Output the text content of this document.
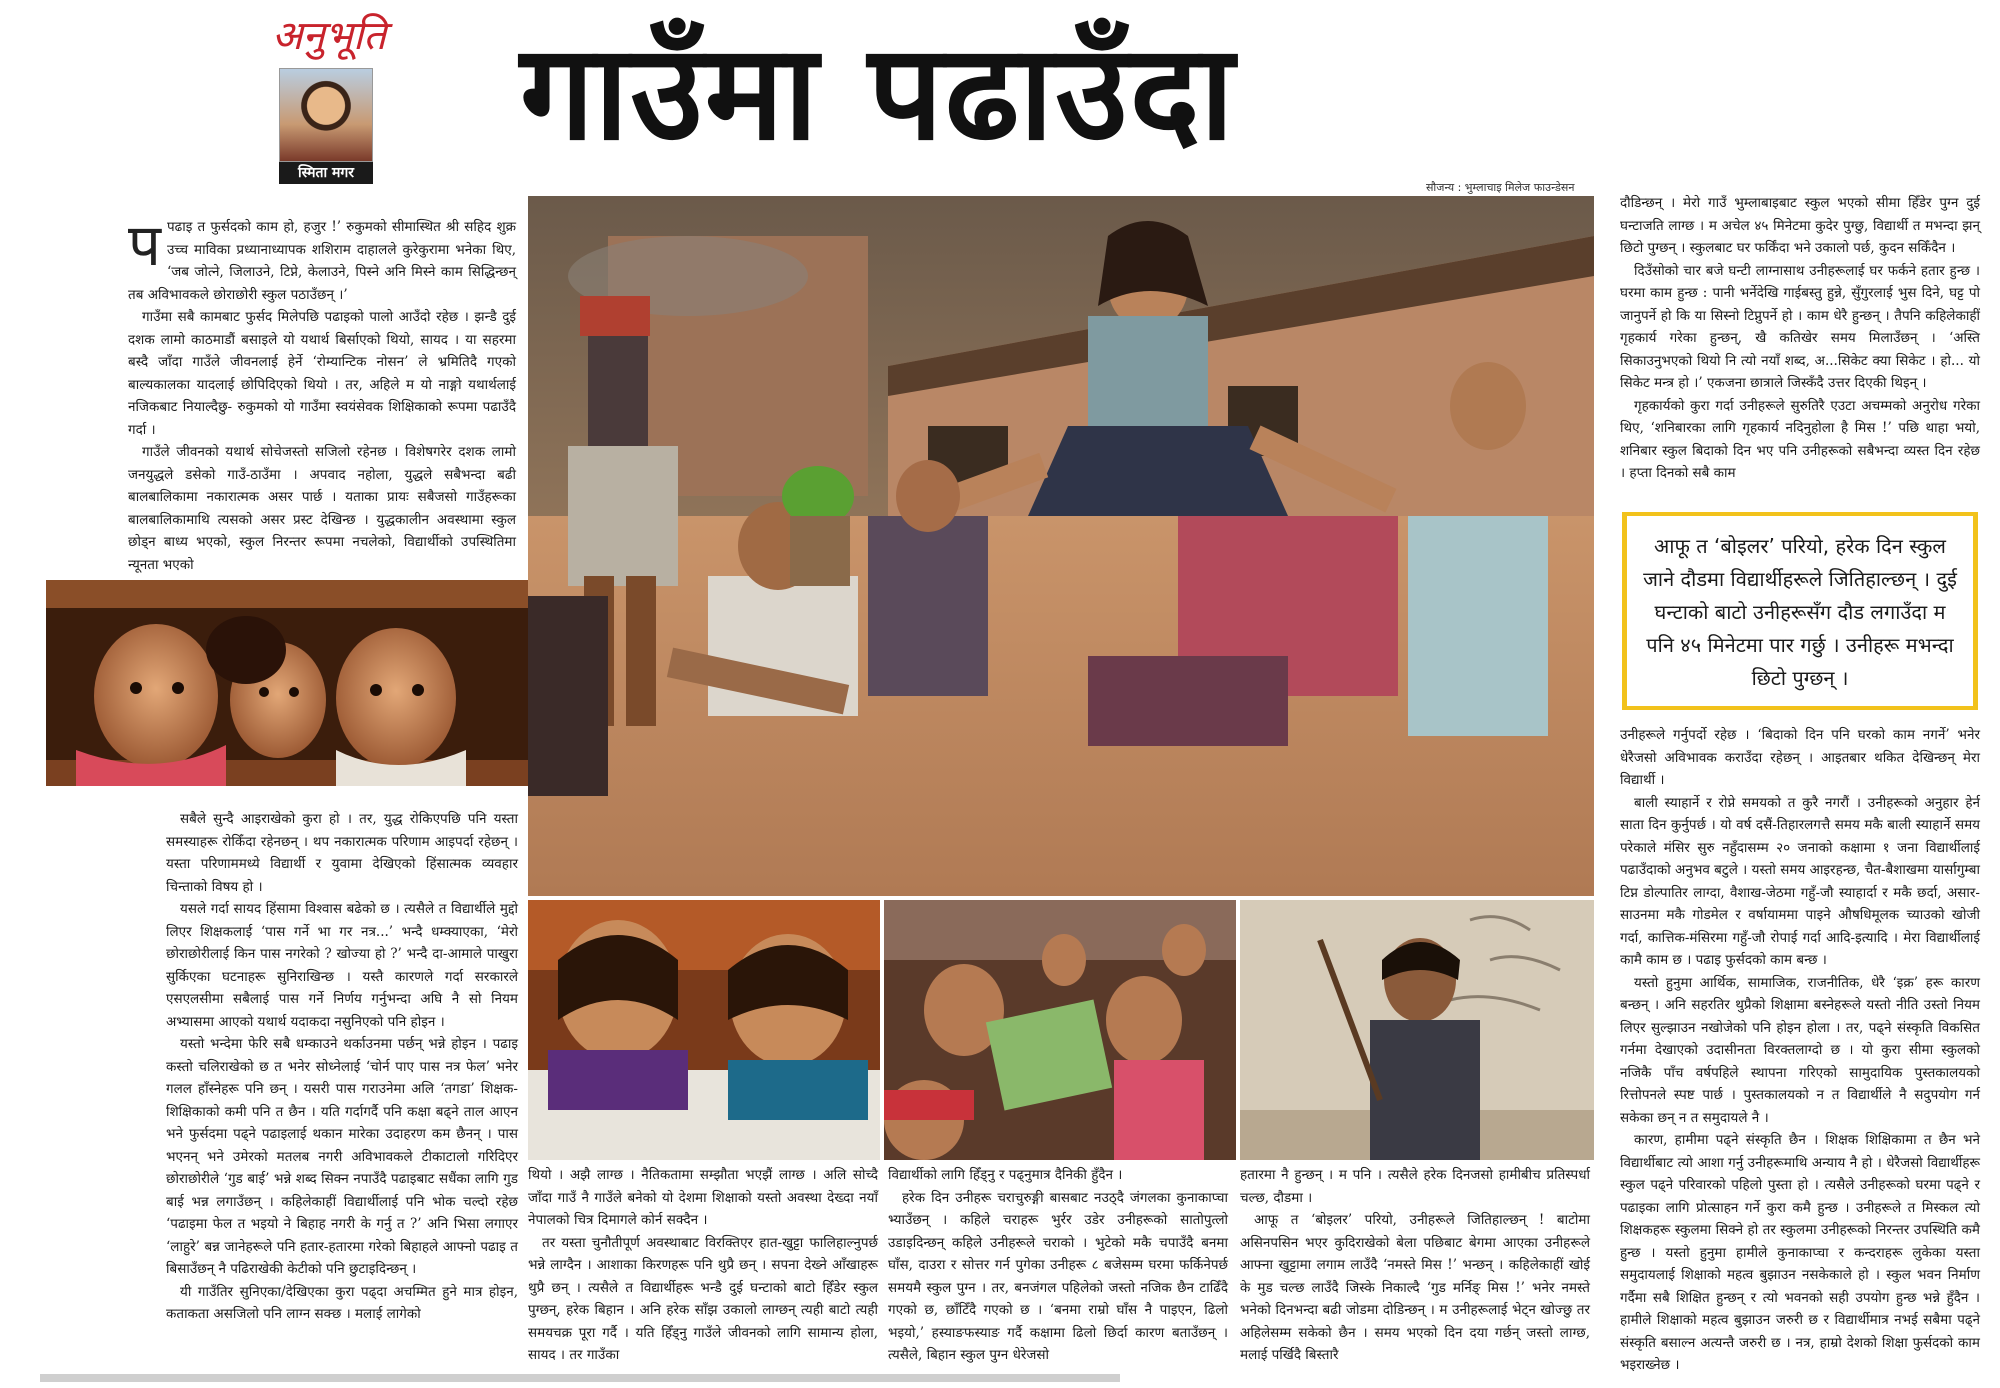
अनुभूति
स्मिता मगर
गाउँमा पढाउँदा
सौजन्य : भुम्लाचाइ मिलेज फाउन्डेसन
प पढाइ त फुर्सदको काम हो, हजुर !’ रुकुमको सीमास्थित श्री सहिद शुक्र उच्च माविका प्रध्यानाध्यापक शशिराम दाहालले कुरेकुरामा भनेका थिए, ‘जब जोत्ने, जिलाउने, टिप्ने, केलाउने, पिस्ने अनि मिस्ने काम सिद्धिन्छन् तब अविभावकले छोराछोरी स्कुल पठाउँछन् ।’

गाउँमा सबै कामबाट फुर्सद मिलेपछि पढाइको पालो आउँदो रहेछ । झन्डै दुई दशक लामो काठमाडौं बसाइले यो यथार्थ बिर्साएको थियो, सायद । या सहरमा बस्दै जाँदा गाउँले जीवनलाई हेर्ने ‘रोम्यान्टिक नोसन’ ले भ्रमितिदै गएको बाल्यकालका यादलाई छोपिदिएको थियो । तर, अहिले म यो नाङ्गो यथार्थलाई नजिकबाट नियाल्दैछु- रुकुमको यो गाउँमा स्वयंसेवक शिक्षिकाको रूपमा पढाउँदै गर्दा ।

गाउँले जीवनको यथार्थ सोचेजस्तो सजिलो रहेनछ । विशेषगरेर दशक लामो जनयुद्धले डसेको गाउँ-ठाउँमा । अपवाद नहोला, युद्धले सबैभन्दा बढी बालबालिकामा नकारात्मक असर पार्छ । यताका प्रायः सबैजसो गाउँहरूका बालबालिकामाथि त्यसको असर प्रस्ट देखिन्छ । युद्धकालीन अवस्थामा स्कुल छोड्न बाध्य भएको, स्कुल निरन्तर रूपमा नचलेको, विद्यार्थीको उपस्थितिमा न्यूनता भएको

सबैले सुन्दै आइराखेको कुरा हो । तर, युद्ध रोकिएपछि पनि यस्ता समस्याहरू रोकिँदा रहेनछन् । थप नकारात्मक परिणाम आइपर्दा रहेछन् । यस्ता परिणाममध्ये विद्यार्थी र युवामा देखिएको हिंसात्मक व्यवहार चिन्ताको विषय हो ।

यसले गर्दा सायद हिंसामा विश्वास बढेको छ । त्यसैले त विद्यार्थीले मुद्दो लिएर शिक्षकलाई ‘पास गर्ने भा गर नत्र...’ भन्दै धम्क्याएका, ‘मेरो छोराछोरीलाई किन पास नगरेको ? खोज्या हो ?’ भन्दै दा-आमाले पाखुरा सुर्किएका घटनाहरू सुनिराखिन्छ । यस्तै कारणले गर्दा सरकारले एसएलसीमा सबैलाई पास गर्ने निर्णय गर्नुभन्दा अघि नै सो नियम अभ्यासमा आएको यथार्थ यदाकदा नसुनिएको पनि होइन ।

यस्तो भन्देमा फेरि सबै धम्काउने थर्काउनमा पर्छन् भन्ने होइन । पढाइ कस्तो चलिराखेको छ त भनेर सोध्नेलाई ‘चोर्न पाए पास नत्र फेल’ भनेर गलल हाँस्नेहरू पनि छन् । यसरी पास गराउनेमा अलि ‘तगडा’ शिक्षक-शिक्षिकाको कमी पनि त छैन । यति गर्दागर्दै पनि कक्षा बढ्ने ताल आएन भने फुर्सदमा पढ्ने पढाइलाई थकान मारेका उदाहरण कम छैनन् । पास भएनन् भने उमेरको मतलब नगरी अविभावकले टीकाटालो गरिदिएर छोराछोरीले ‘गुड बाई’ भन्ने शब्द सिक्न नपाउँदै पढाइबाट सधैंका लागि गुड बाई भन्न लगाउँछन् । कहिलेकाहीं विद्यार्थीलाई पनि भोक चल्दो रहेछ ‘पढाइमा फेल त भइयो ने बिहाह नगरी के गर्नु त ?’ अनि भिसा लगाएर ‘लाहुरे’ बन्न जानेहरूले पनि हतार-हतारमा गरेको बिहाहले आफ्नो पढाइ त बिसाउँछन् नै पढिराखेकी केटीको पनि छुटाइदिन्छन् ।

यी गाउँतिर सुनिएका/देखिएका कुरा पढ्दा अचम्मित हुने मात्र होइन, कताकता असजिलो पनि लाग्न सक्छ । मलाई लागेको

थियो । अझै लाग्छ । नैतिकतामा सम्झौता भएझैं लाग्छ । अलि सोच्दै जाँदा गाउँ नै गाउँले बनेको यो देशमा शिक्षाको यस्तो अवस्था देख्दा नयाँ नेपालको चित्र दिमागले कोर्न सक्दैन ।

तर यस्ता चुनौतीपूर्ण अवस्थाबाट विरक्तिएर हात-खुट्टा फालिहाल्नुपर्छ भन्ने लाग्दैन । आशाका किरणहरू पनि थुप्रै छन् । सपना देख्ने आँखाहरू थुप्रै छन् । त्यसैले त विद्यार्थीहरू भन्डै दुई घन्टाको बाटो हिँडेर स्कुल पुग्छन्, हरेक बिहान । अनि हरेक साँझ उकालो लाग्छन् त्यही बाटो त्यही समयचक्र पूरा गर्दै । यति हिँड्नु गाउँले जीवनको लागि सामान्य होला, सायद । तर गाउँका

विद्यार्थीको लागि हिँड्नु र पढ्नुमात्र दैनिकी हुँदैन ।

हरेक दिन उनीहरू चराचुरुङ्गी बासबाट नउठ्दै जंगलका कुनाकाप्चा भ्याउँछन् । कहिले चराहरू भुर्रर उडेर उनीहरूको सातोपुत्लो उडाइदिन्छन् कहिले उनीहरूले चराको । भुटेको मकै चपाउँदै बनमा घाँस, दाउरा र सोत्तर गर्न पुगेका उनीहरू ८ बजेसम्म घरमा फर्किनेपर्छ समयमै स्कुल पुग्न । तर, बनजंगल पहिलेको जस्तो नजिक छैन टाढिँदै गएको छ, छाँटिँदै गएको छ । ‘बनमा राम्रो घाँस नै पाइएन, ढिलो भइयो,’ हस्याङफस्याङ गर्दै कक्षामा ढिलो छिर्दा कारण बताउँछन् । त्यसैले, बिहान स्कुल पुग्न धेरेजसो

हतारमा नै हुन्छन् । म पनि । त्यसैले हरेक दिनजसो हामीबीच प्रतिस्पर्धा चल्छ, दौडमा ।

आफू त ‘बोइलर’ परियो, उनीहरूले जितिहाल्छन् ! बाटोमा असिनपसिन भएर कुदिराखेको बेला पछिबाट बेगमा आएका उनीहरूले आफ्ना खुट्टामा लगाम लाउँदै ‘नमस्ते मिस !’ भन्छन् । कहिलेकाहीं खोई के मुड चल्छ लाउँदै जिस्के निकाल्दै ‘गुड मर्निङ् मिस !’ भनेर नमस्ते भनेको दिनभन्दा बढी जोडमा दोडिन्छन् । म उनीहरूलाई भेट्न खोज्छु तर अहिलेसम्म सकेको छैन । समय भएको दिन दया गर्छन् जस्तो लाग्छ, मलाई पर्खिदै बिस्तारै

दौडिन्छन् । मेरो गाउँ भुम्लाबाइबाट स्कुल भएको सीमा हिँडेर पुग्न दुई घन्टाजति लाग्छ । म अचेल ४५ मिनेटमा कुदेर पुग्छु, विद्यार्थी त मभन्दा झन् छिटो पुग्छन् । स्कुलबाट घर फर्किंदा भने उकालो पर्छ, कुदन सकिँदैन ।

दिउँसोको चार बजे घन्टी लाग्नासाथ उनीहरूलाई घर फर्कने हतार हुन्छ । घरमा काम हुन्छ : पानी भर्नेदेखि गाईबस्तु हुन्ने, सुँगुरलाई भुस दिने, घट्ट पो जानुपर्ने हो कि या सिस्नो टिप्नुपर्ने हो । काम धेरै हुन्छन् । तैपनि कहिलेकाहीं गृहकार्य गरेका हुन्छन्, खै कतिखेर समय मिलाउँछन् । ‘अस्ति सिकाउनुभएको थियो नि त्यो नयाँ शब्द, अ...सिकेट क्या सिकेट । हो... यो सिकेट मन्त्र हो ।’ एकजना छात्राले जिस्कँदै उत्तर दिएकी थिइन् ।

गृहकार्यको कुरा गर्दा उनीहरूले सुरुतिरै एउटा अचम्मको अनुरोध गरेका थिए, ‘शनिबारका लागि गृहकार्य नदिनुहोला है मिस !’ पछि थाहा भयो, शनिबार स्कुल बिदाको दिन भए पनि उनीहरूको सबैभन्दा व्यस्त दिन रहेछ । हप्ता दिनको सबै काम

आफू त ‘बोइलर’ परियो, हरेक दिन स्कुल जाने दौडमा विद्यार्थीहरूले जितिहाल्छन् । दुई घन्टाको बाटो उनीहरूसँग दौड लगाउँदा म पनि ४५ मिनेटमा पार गर्छु । उनीहरू मभन्दा छिटो पुग्छन् ।

उनीहरूले गर्नुपर्दो रहेछ । ‘बिदाको दिन पनि घरको काम नगर्ने’ भनेर धेरैजसो अविभावक कराउँदा रहेछन् । आइतबार थकित देखिन्छन् मेरा विद्यार्थी ।

बाली स्याहार्ने र रोप्ने समयको त कुरै नगरौं । उनीहरूको अनुहार हेर्न साता दिन कुर्नुपर्छ । यो वर्ष दसैं-तिहारलगत्तै समय मकै बाली स्याहार्ने समय परेकाले मंसिर सुरु नहुँदासम्म २० जनाको कक्षामा १ जना विद्यार्थीलाई पढाउँदाको अनुभव बटुले । यस्तो समय आइरहन्छ, चैत-बैशाखमा यार्सागुम्बा टिप्न डोल्पातिर लाग्दा, वैशाख-जेठमा गहुँ-जौ स्याहार्दा र मकै छर्दा, असार-साउनमा मकै गोडमेल र वर्षायाममा पाइने औषधिमूलक च्याउको खोजी गर्दा, कात्तिक-मंसिरमा गहुँ-जौ रोपाई गर्दा आदि-इत्यादि । मेरा विद्यार्थीलाई कामै काम छ । पढाइ फुर्सदको काम बन्छ ।

यस्तो हुनुमा आर्थिक, सामाजिक, राजनीतिक, धेरै ‘इक्र’ हरू कारण बन्छन् । अनि सहरतिर थुप्रैको शिक्षामा बस्नेहरूले यस्तो नीति उस्तो नियम लिएर सुल्झाउन नखोजेको पनि होइन होला । तर, पढ्ने संस्कृति विकसित गर्नमा देखाएको उदासीनता विरक्तलाग्दो छ । यो कुरा सीमा स्कुलको नजिकै पाँच वर्षपहिले स्थापना गरिएको सामुदायिक पुस्तकालयको रित्तोपनले स्पष्ट पार्छ । पुस्तकालयको न त विद्यार्थीले नै सदुपयोग गर्न सकेका छन् न त समुदायले नै ।

कारण, हामीमा पढ्ने संस्कृति छैन । शिक्षक शिक्षिकामा त छैन भने विद्यार्थीबाट त्यो आशा गर्नु उनीहरूमाथि अन्याय नै हो । धेरैजसो विद्यार्थीहरू स्कुल पढ्ने परिवारको पहिलो पुस्ता हो । त्यसैले उनीहरूको घरमा पढ्ने र पढाइका लागि प्रोत्साहन गर्ने कुरा कमै हुन्छ । उनीहरूले त मिस्कल त्यो शिक्षकहरू स्कुलमा सिक्ने हो तर स्कुलमा उनीहरूको निरन्तर उपस्थिति कमै हुन्छ । यस्तो हुनुमा हामीले कुनाकाप्चा र कन्दराहरू लुकेका यस्ता समुदायलाई शिक्षाको महत्व बुझाउन नसकेकाले हो । स्कुल भवन निर्माण गर्दैमा सबै शिक्षित हुन्छन् र त्यो भवनको सही उपयोग हुन्छ भन्ने हुँदैन । हामीले शिक्षाको महत्व बुझाउन जरुरी छ र विद्यार्थीमात्र नभई सबैमा पढ्ने संस्कृति बसाल्न अत्यन्तै जरुरी छ । नत्र, हाम्रो देशको शिक्षा फुर्सदको काम भइराख्नेछ ।
